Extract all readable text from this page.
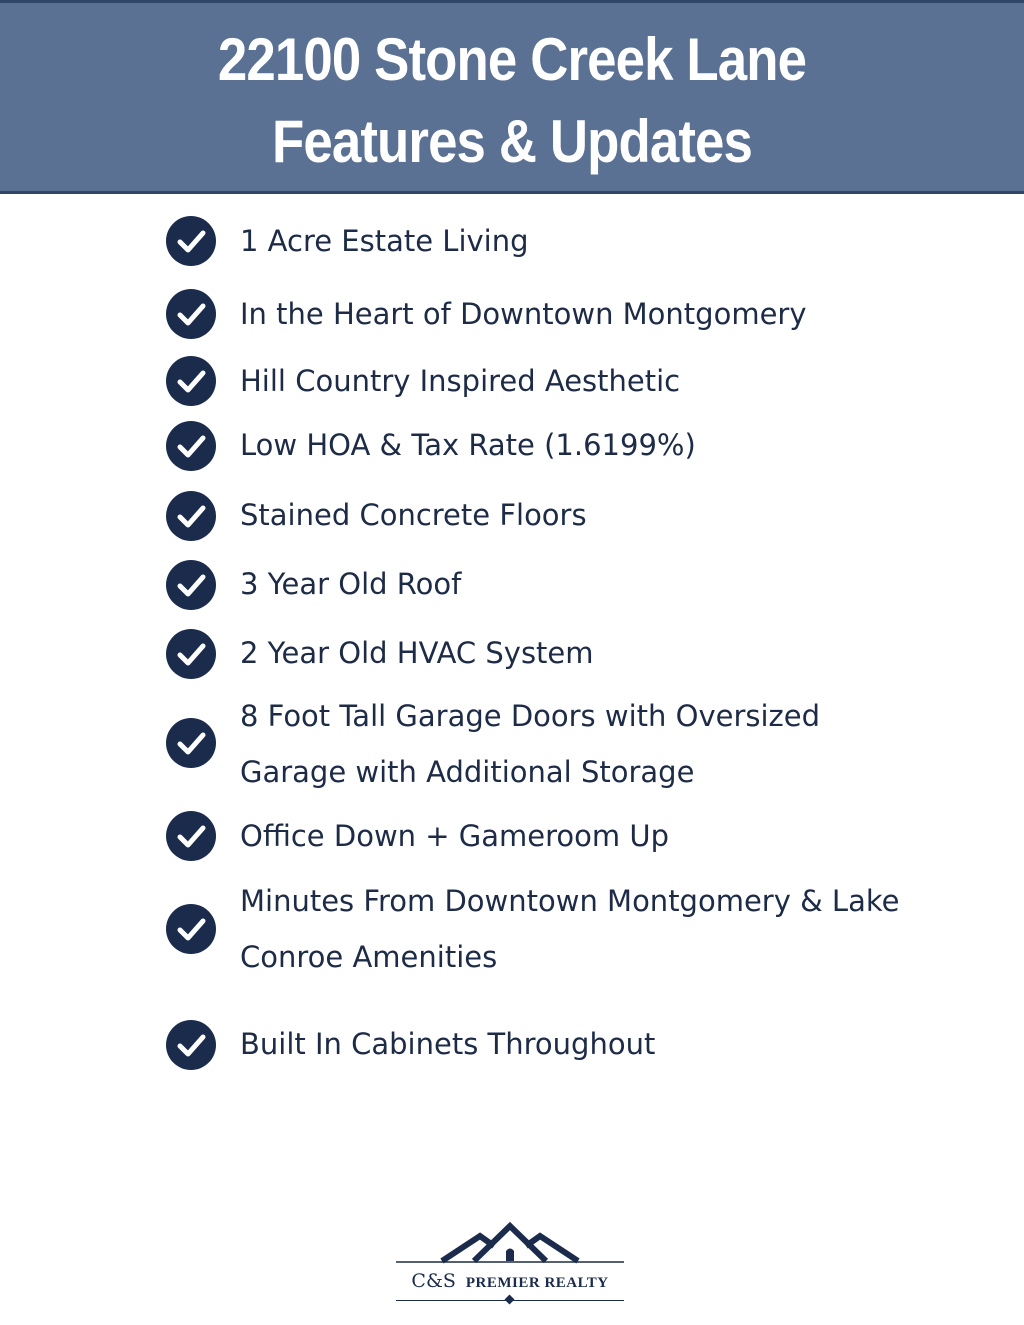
22100 Stone Creek Lane
Features & Updates
1 Acre Estate Living
In the Heart of Downtown Montgomery
Hill Country Inspired Aesthetic
Low HOA & Tax Rate (1.6199%)
Stained Concrete Floors
3 Year Old Roof
2 Year Old HVAC System
8 Foot Tall Garage Doors with Oversized
Garage with Additional Storage
Office Down + Gameroom Up
Minutes From Downtown Montgomery & Lake
Conroe Amenities
Built In Cabinets Throughout
C&S PREMIER REALTY
